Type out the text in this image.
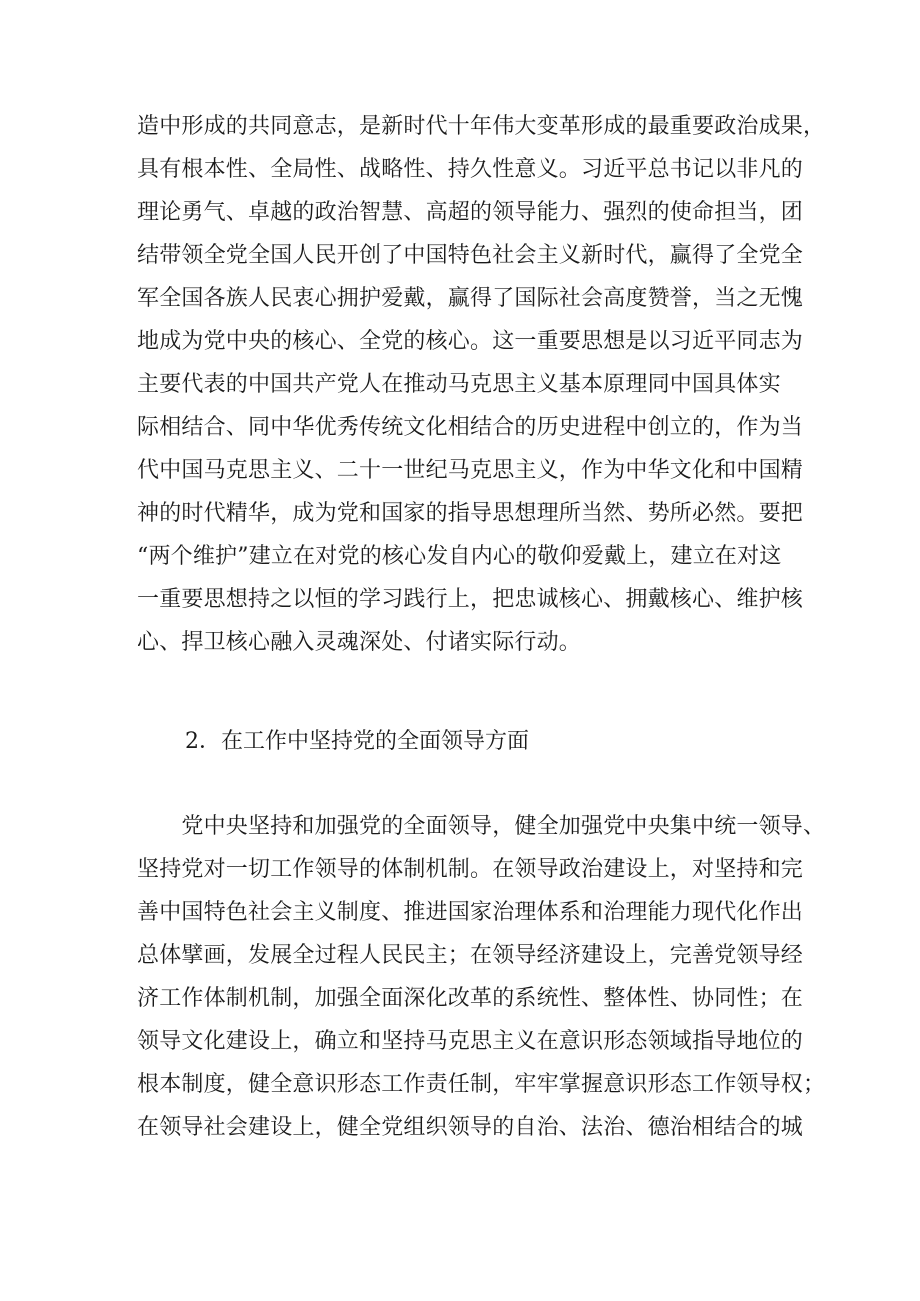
造中形成的共同意志，是新时代十年伟大变革形成的最重要政治成果，
具有根本性、全局性、战略性、持久性意义。习近平总书记以非凡的
理论勇气、卓越的政治智慧、高超的领导能力、强烈的使命担当，团
结带领全党全国人民开创了中国特色社会主义新时代，赢得了全党全
军全国各族人民衷心拥护爱戴，赢得了国际社会高度赞誉，当之无愧
地成为党中央的核心、全党的核心。这一重要思想是以习近平同志为
主要代表的中国共产党人在推动马克思主义基本原理同中国具体实
际相结合、同中华优秀传统文化相结合的历史进程中创立的，作为当
代中国马克思主义、二十一世纪马克思主义，作为中华文化和中国精
神的时代精华，成为党和国家的指导思想理所当然、势所必然。要把
“两个维护”建立在对党的核心发自内心的敬仰爱戴上，建立在对这
一重要思想持之以恒的学习践行上，把忠诚核心、拥戴核心、维护核
心、捍卫核心融入灵魂深处、付诸实际行动。
2．在工作中坚持党的全面领导方面
　　党中央坚持和加强党的全面领导，健全加强党中央集中统一领导、
坚持党对一切工作领导的体制机制。在领导政治建设上，对坚持和完
善中国特色社会主义制度、推进国家治理体系和治理能力现代化作出
总体擘画，发展全过程人民民主；在领导经济建设上，完善党领导经
济工作体制机制，加强全面深化改革的系统性、整体性、协同性；在
领导文化建设上，确立和坚持马克思主义在意识形态领域指导地位的
根本制度，健全意识形态工作责任制，牢牢掌握意识形态工作领导权；
在领导社会建设上，健全党组织领导的自治、法治、德治相结合的城
